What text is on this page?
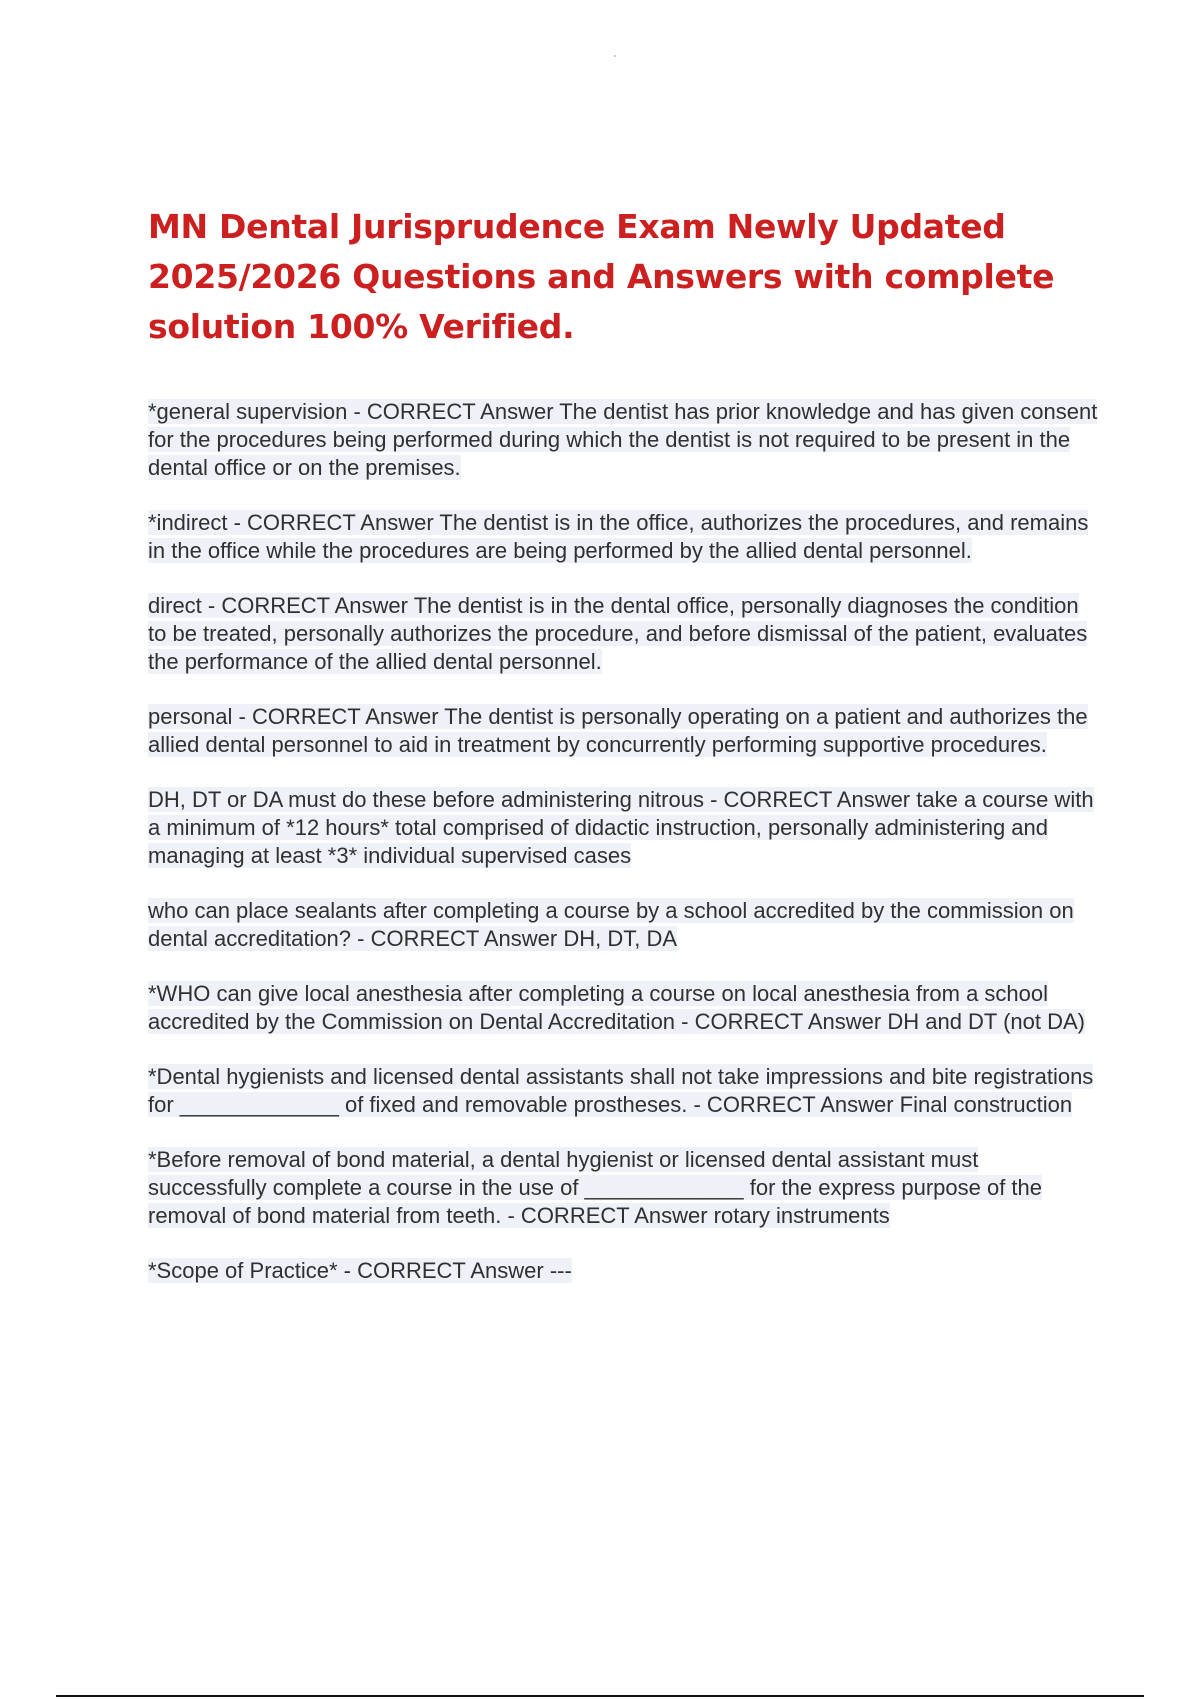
MN Dental Jurisprudence Exam Newly Updated 2025/2026 Questions and Answers with complete solution 100% Verified.

*general supervision - CORRECT Answer The dentist has prior knowledge and has given consent for the procedures being performed during which the dentist is not required to be present in the dental office or on the premises.

*indirect - CORRECT Answer The dentist is in the office, authorizes the procedures, and remains in the office while the procedures are being performed by the allied dental personnel.

direct - CORRECT Answer The dentist is in the dental office, personally diagnoses the condition to be treated, personally authorizes the procedure, and before dismissal of the patient, evaluates the performance of the allied dental personnel.

personal - CORRECT Answer The dentist is personally operating on a patient and authorizes the allied dental personnel to aid in treatment by concurrently performing supportive procedures.

DH, DT or DA must do these before administering nitrous - CORRECT Answer take a course with a minimum of *12 hours* total comprised of didactic instruction, personally administering and managing at least *3* individual supervised cases

who can place sealants after completing a course by a school accredited by the commission on dental accreditation? - CORRECT Answer DH, DT, DA

*WHO can give local anesthesia after completing a course on local anesthesia from a school accredited by the Commission on Dental Accreditation - CORRECT Answer DH and DT (not DA)

*Dental hygienists and licensed dental assistants shall not take impressions and bite registrations for _____________ of fixed and removable prostheses. - CORRECT Answer Final construction

*Before removal of bond material, a dental hygienist or licensed dental assistant must successfully complete a course in the use of _____________ for the express purpose of the removal of bond material from teeth. - CORRECT Answer rotary instruments

*Scope of Practice* - CORRECT Answer ---
